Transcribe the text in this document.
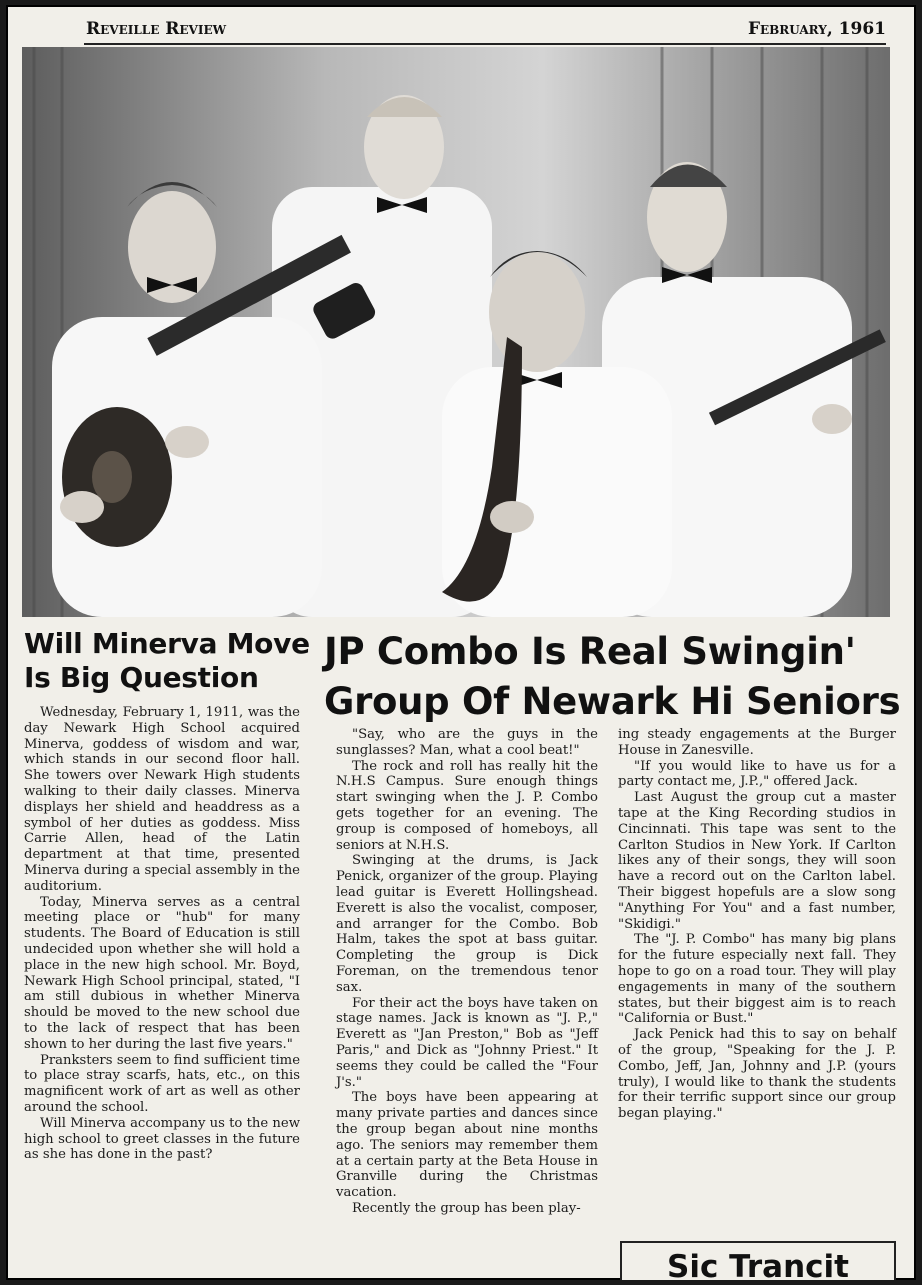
Reveille Review	February, 1961
Will Minerva Move Is Big Question
JP Combo Is Real Swingin' Group Of Newark Hi Seniors

Wednesday, February 1, 1911, was the day Newark High School acquired Minerva, goddess of wisdom and war, which stands in our second floor hall. She towers over Newark High students walking to their daily classes. Minerva displays her shield and headdress as a symbol of her duties as goddess. Miss Carrie Allen, head of the Latin department at that time, presented Minerva during a special assembly in the auditorium.

Today, Minerva serves as a central meeting place or "hub" for many students. The Board of Education is still undecided upon whether she will hold a place in the new high school. Mr. Boyd, Newark High School principal, stated, "I am still dubious in whether Minerva should be moved to the new school due to the lack of respect that has been shown to her during the last five years."

Pranksters seem to find sufficient time to place stray scarfs, hats, etc., on this magnificent work of art as well as other around the school.

Will Minerva accompany us to the new high school to greet classes in the future as she has done in the past?

"Say, who are the guys in the sunglasses? Man, what a cool beat!"

The rock and roll has really hit the N.H.S Campus. Sure enough things start swinging when the J. P. Combo gets together for an evening. The group is composed of homeboys, all seniors at N.H.S.

Swinging at the drums, is Jack Penick, organizer of the group. Playing lead guitar is Everett Hollingshead. Everett is also the vocalist, composer, and arranger for the Combo. Bob Halm, takes the spot at bass guitar. Completing the group is Dick Foreman, on the tremendous tenor sax.

For their act the boys have taken on stage names. Jack is known as "J. P.," Everett as "Jan Preston," Bob as "Jeff Paris," and Dick as "Johnny Priest." It seems they could be called the "Four J's."

The boys have been appearing at many private parties and dances since the group began about nine months ago. The seniors may remember them at a certain party at the Beta House in Granville during the Christmas vacation.

Recently the group has been play-

ing steady engagements at the Burger House in Zanesville.

"If you would like to have us for a party contact me, J.P.," offered Jack.

Last August the group cut a master tape at the King Recording studios in Cincinnati. This tape was sent to the Carlton Studios in New York. If Carlton likes any of their songs, they will soon have a record out on the Carlton label. Their biggest hopefuls are a slow song "Anything For You" and a fast number, "Skidigi."

The "J. P. Combo" has many big plans for the future especially next fall. They hope to go on a road tour. They will play engagements in many of the southern states, but their biggest aim is to reach "California or Bust."

Jack Penick had this to say on behalf of the group, "Speaking for the J. P. Combo, Jeff, Jan, Johnny and J.P. (yours truly), I would like to thank the students for their terrific support since our group began playing."

Sic Trancit
